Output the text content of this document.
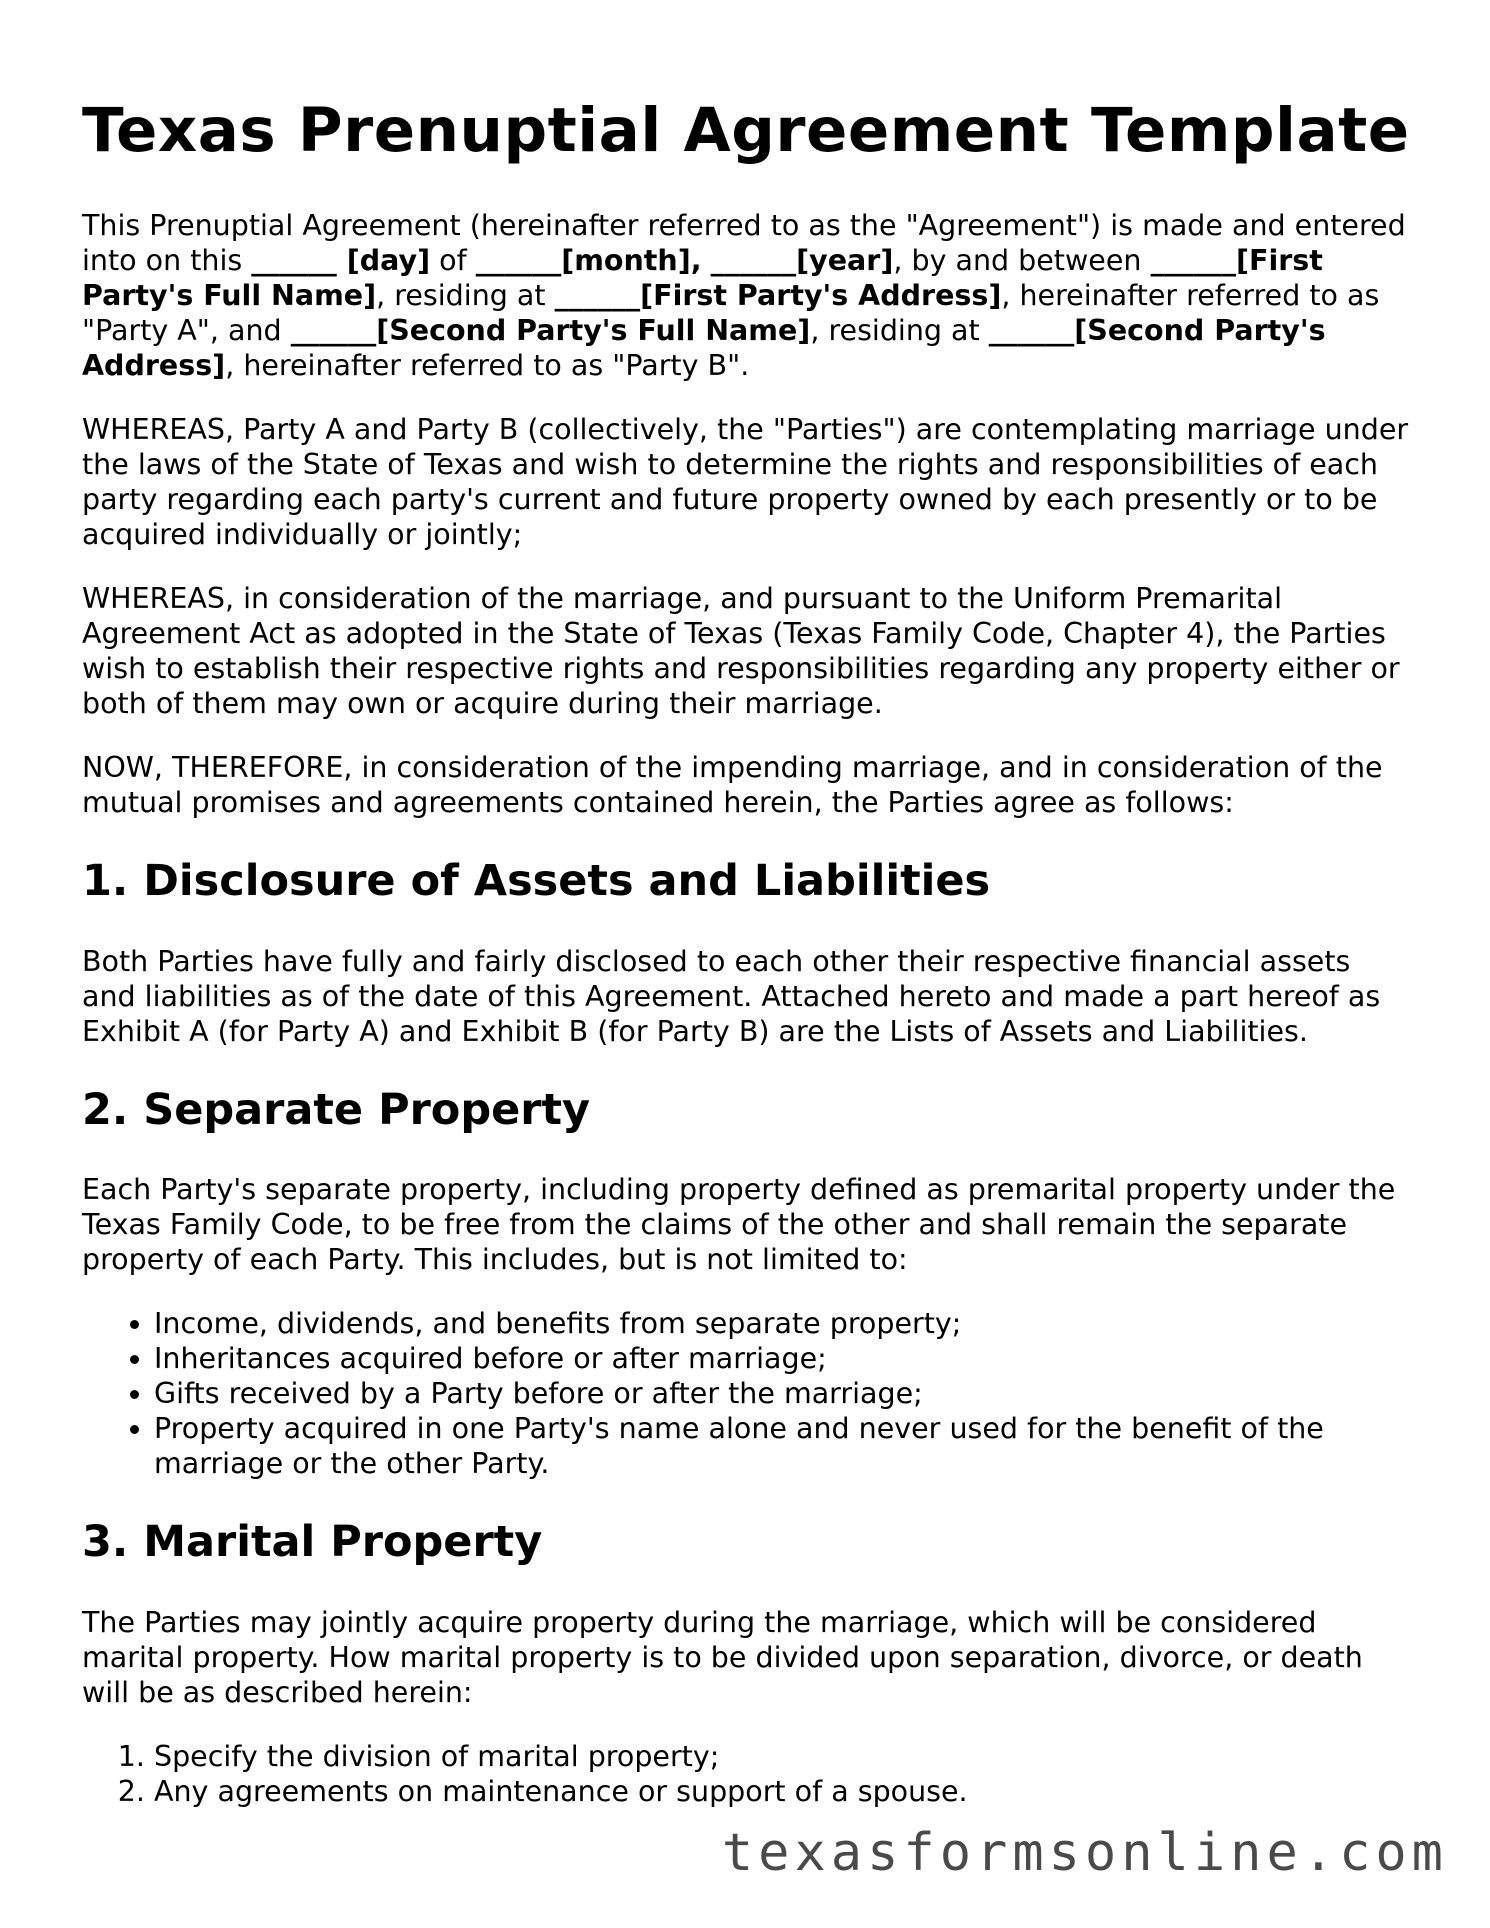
Texas Prenuptial Agreement Template

This Prenuptial Agreement (hereinafter referred to as the "Agreement") is made and entered into on this ______ [day] of ______[month], ______[year], by and between ______[First Party's Full Name], residing at ______[First Party's Address], hereinafter referred to as "Party A", and ______[Second Party's Full Name], residing at ______[Second Party's Address], hereinafter referred to as "Party B".

WHEREAS, Party A and Party B (collectively, the "Parties") are contemplating marriage under the laws of the State of Texas and wish to determine the rights and responsibilities of each party regarding each party's current and future property owned by each presently or to be acquired individually or jointly;

WHEREAS, in consideration of the marriage, and pursuant to the Uniform Premarital Agreement Act as adopted in the State of Texas (Texas Family Code, Chapter 4), the Parties wish to establish their respective rights and responsibilities regarding any property either or both of them may own or acquire during their marriage.

NOW, THEREFORE, in consideration of the impending marriage, and in consideration of the mutual promises and agreements contained herein, the Parties agree as follows:

1. Disclosure of Assets and Liabilities

Both Parties have fully and fairly disclosed to each other their respective financial assets and liabilities as of the date of this Agreement. Attached hereto and made a part hereof as Exhibit A (for Party A) and Exhibit B (for Party B) are the Lists of Assets and Liabilities.

2. Separate Property

Each Party's separate property, including property defined as premarital property under the Texas Family Code, to be free from the claims of the other and shall remain the separate property of each Party. This includes, but is not limited to:

• Income, dividends, and benefits from separate property;
• Inheritances acquired before or after marriage;
• Gifts received by a Party before or after the marriage;
• Property acquired in one Party's name alone and never used for the benefit of the marriage or the other Party.
3. Marital Property

The Parties may jointly acquire property during the marriage, which will be considered marital property. How marital property is to be divided upon separation, divorce, or death will be as described herein:

1. Specify the division of marital property;
2. Any agreements on maintenance or support of a spouse.
texasformsonline.com
